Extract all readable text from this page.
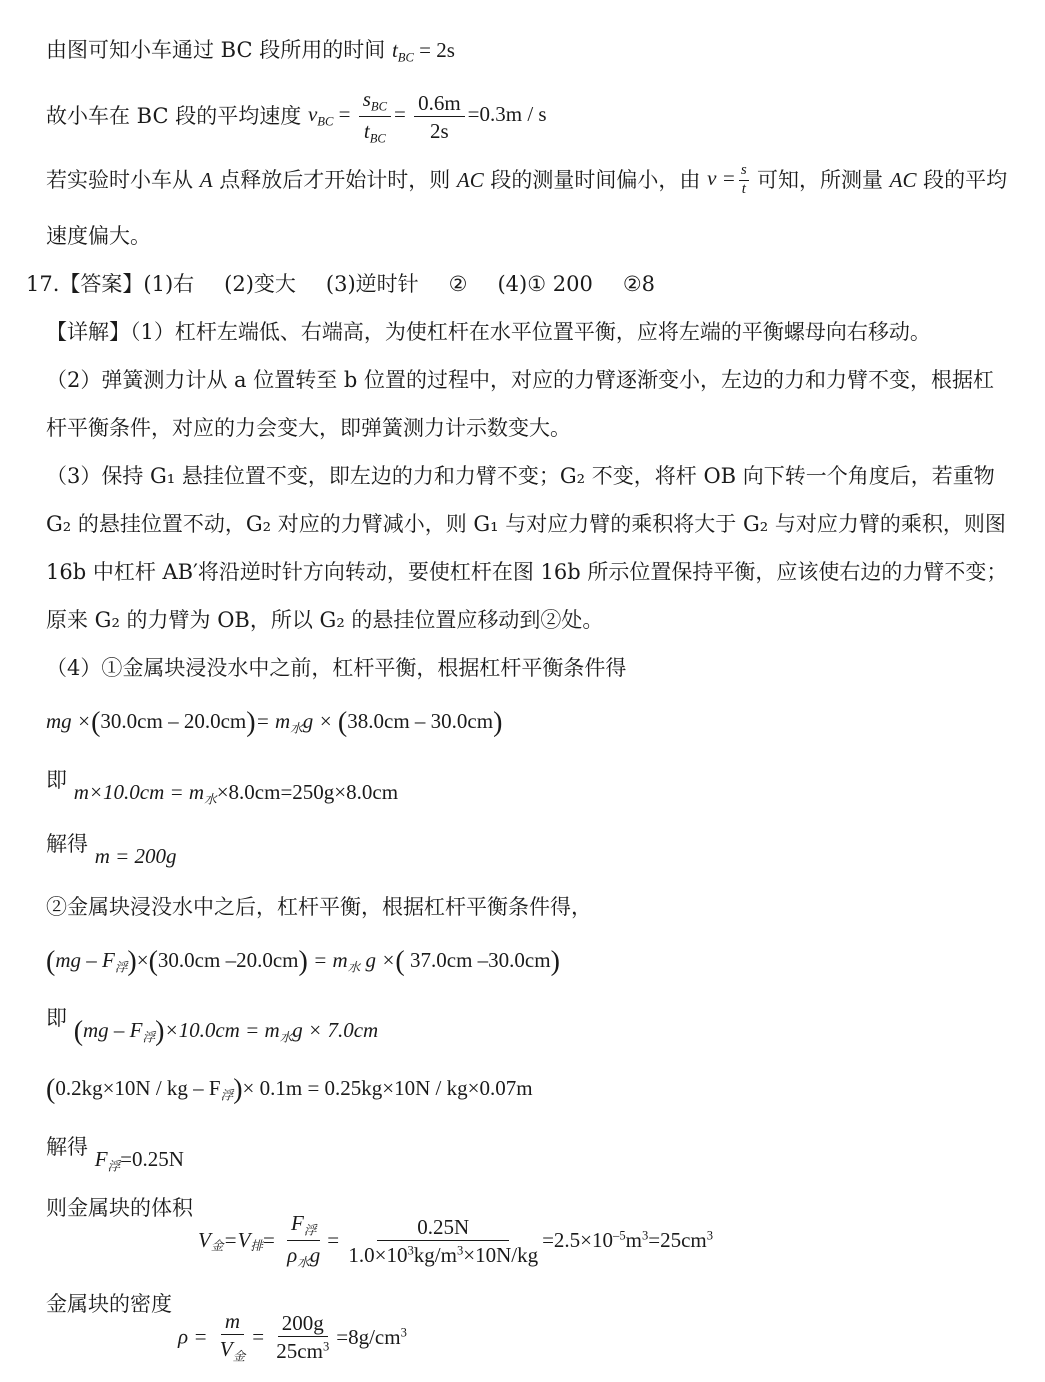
由图可知小车通过 BC 段所用的时间 $t_{BC} = 2s$
故小车在 BC 段的平均速度 $v_{BC} = \frac{s_{BC}}{t_{BC}} = \frac{0.6m}{2s} =0.3m / s$
若实验时小车从 A 点释放后才开始计时，则 AC 段的测量时间偏小，由 $v = \frac{s}{t}$ 可知，所测量 AC 段的平均
速度偏大。
17.【答案】(1)右 (2)变大 (3)逆时针 ② (4)① 200 ②8
【详解】（1）杠杆左端低、右端高，为使杠杆在水平位置平衡，应将左端的平衡螺母向右移动。
（2）弹簧测力计从 a 位置转至 b 位置的过程中，对应的力臂逐渐变小，左边的力和力臂不变，根据杠
杆平衡条件，对应的力会变大，即弹簧测力计示数变大。
（3）保持 G₁ 悬挂位置不变，即左边的力和力臂不变；G₂ 不变，将杆 OB 向下转一个角度后，若重物
G₂ 的悬挂位置不动，G₂ 对应的力臂减小，则 G₁ 与对应力臂的乘积将大于 G₂ 与对应力臂的乘积，则图
16b 中杠杆 AB′将沿逆时针方向转动，要使杠杆在图 16b 所示位置保持平衡，应该使右边的力臂不变；
原来 G₂ 的力臂为 OB，所以 G₂ 的悬挂位置应移动到②处。
（4）①金属块浸没水中之前，杠杆平衡，根据杠杆平衡条件得
mg $\times(30.0cm - 20.0cm)= m_水g \times (38.0cm - 30.0cm)$
即 $m\times 10.0cm = m_水\times 8.0cm=250g\times 8.0cm$
解得 m = 200g
②金属块浸没水中之后，杠杆平衡，根据杠杆平衡条件得，
$(mg - F_浮)\times(30.0cm$ $-20.0cm) = m_水$ g ×( 37.0cm –30.0cm)
即 $(mg - F_浮)\times 10.0cm = m_水g \times 7.0cm$
(0.2kg×10N / kg – $F_浮)\times 0.1m = 0.25kg\times 10N / kg\times 0.07m$
解得 $F_浮=0.25N$
则金属块的体积
$V_金=V_排= \frac{F_浮}{\rho_水g} = \frac{0.25N}{1.0\times 10^3kg/m^3\times 10N/kg} =2.5\times 10^{-5}m^3=25cm^3$
金属块的密度
$\rho = \frac{m}{V_金} = \frac{200g}{25cm^3} =8g/cm^3$
